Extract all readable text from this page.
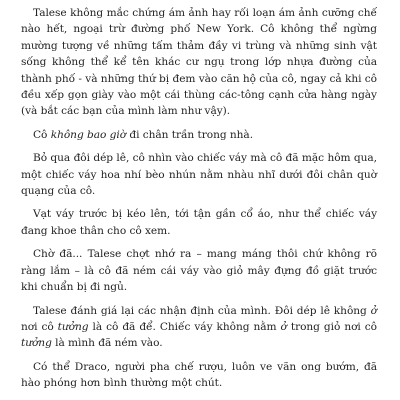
Talese không mắc chứng ám ảnh hay rối loạn ám ảnh cưỡng chế nào hết, ngoại trừ đường phố New York. Cô không thể ngừng mường tượng về những tấm thảm đầy vi trùng và những sinh vật sống không thể kể tên khác cư ngụ trong lớp nhựa đường của thành phố - và những thứ bị đem vào căn hộ của cô, ngay cả khi cô đều xếp gọn giày vào một cái thùng các-tông cạnh cửa hàng ngày (và bắt các bạn của mình làm như vậy).

Cô không bao giờ đi chân trần trong nhà.

Bỏ qua đôi dép lê, cô nhìn vào chiếc váy mà cô đã mặc hôm qua, một chiếc váy hoa nhí bèo nhún nằm nhàu nhĩ dưới đôi chân quờ quạng của cô.

Vạt váy trước bị kéo lên, tới tận gần cổ áo, như thể chiếc váy đang khoe thân cho cô xem.

Chờ đã... Talese chợt nhớ ra – mang máng thôi chứ không rõ ràng lắm – là cô đã ném cái váy vào giỏ mây đựng đồ giặt trước khi chuẩn bị đi ngủ.

Talese đánh giá lại các nhận định của mình. Đôi dép lê không ở nơi cô tưởng là cô đã để. Chiếc váy không nằm ở trong giỏ nơi cô tưởng là mình đã ném vào.

Có thể Draco, người pha chế rượu, luôn ve vãn ong bướm, đã hào phóng hơn bình thường một chút.
